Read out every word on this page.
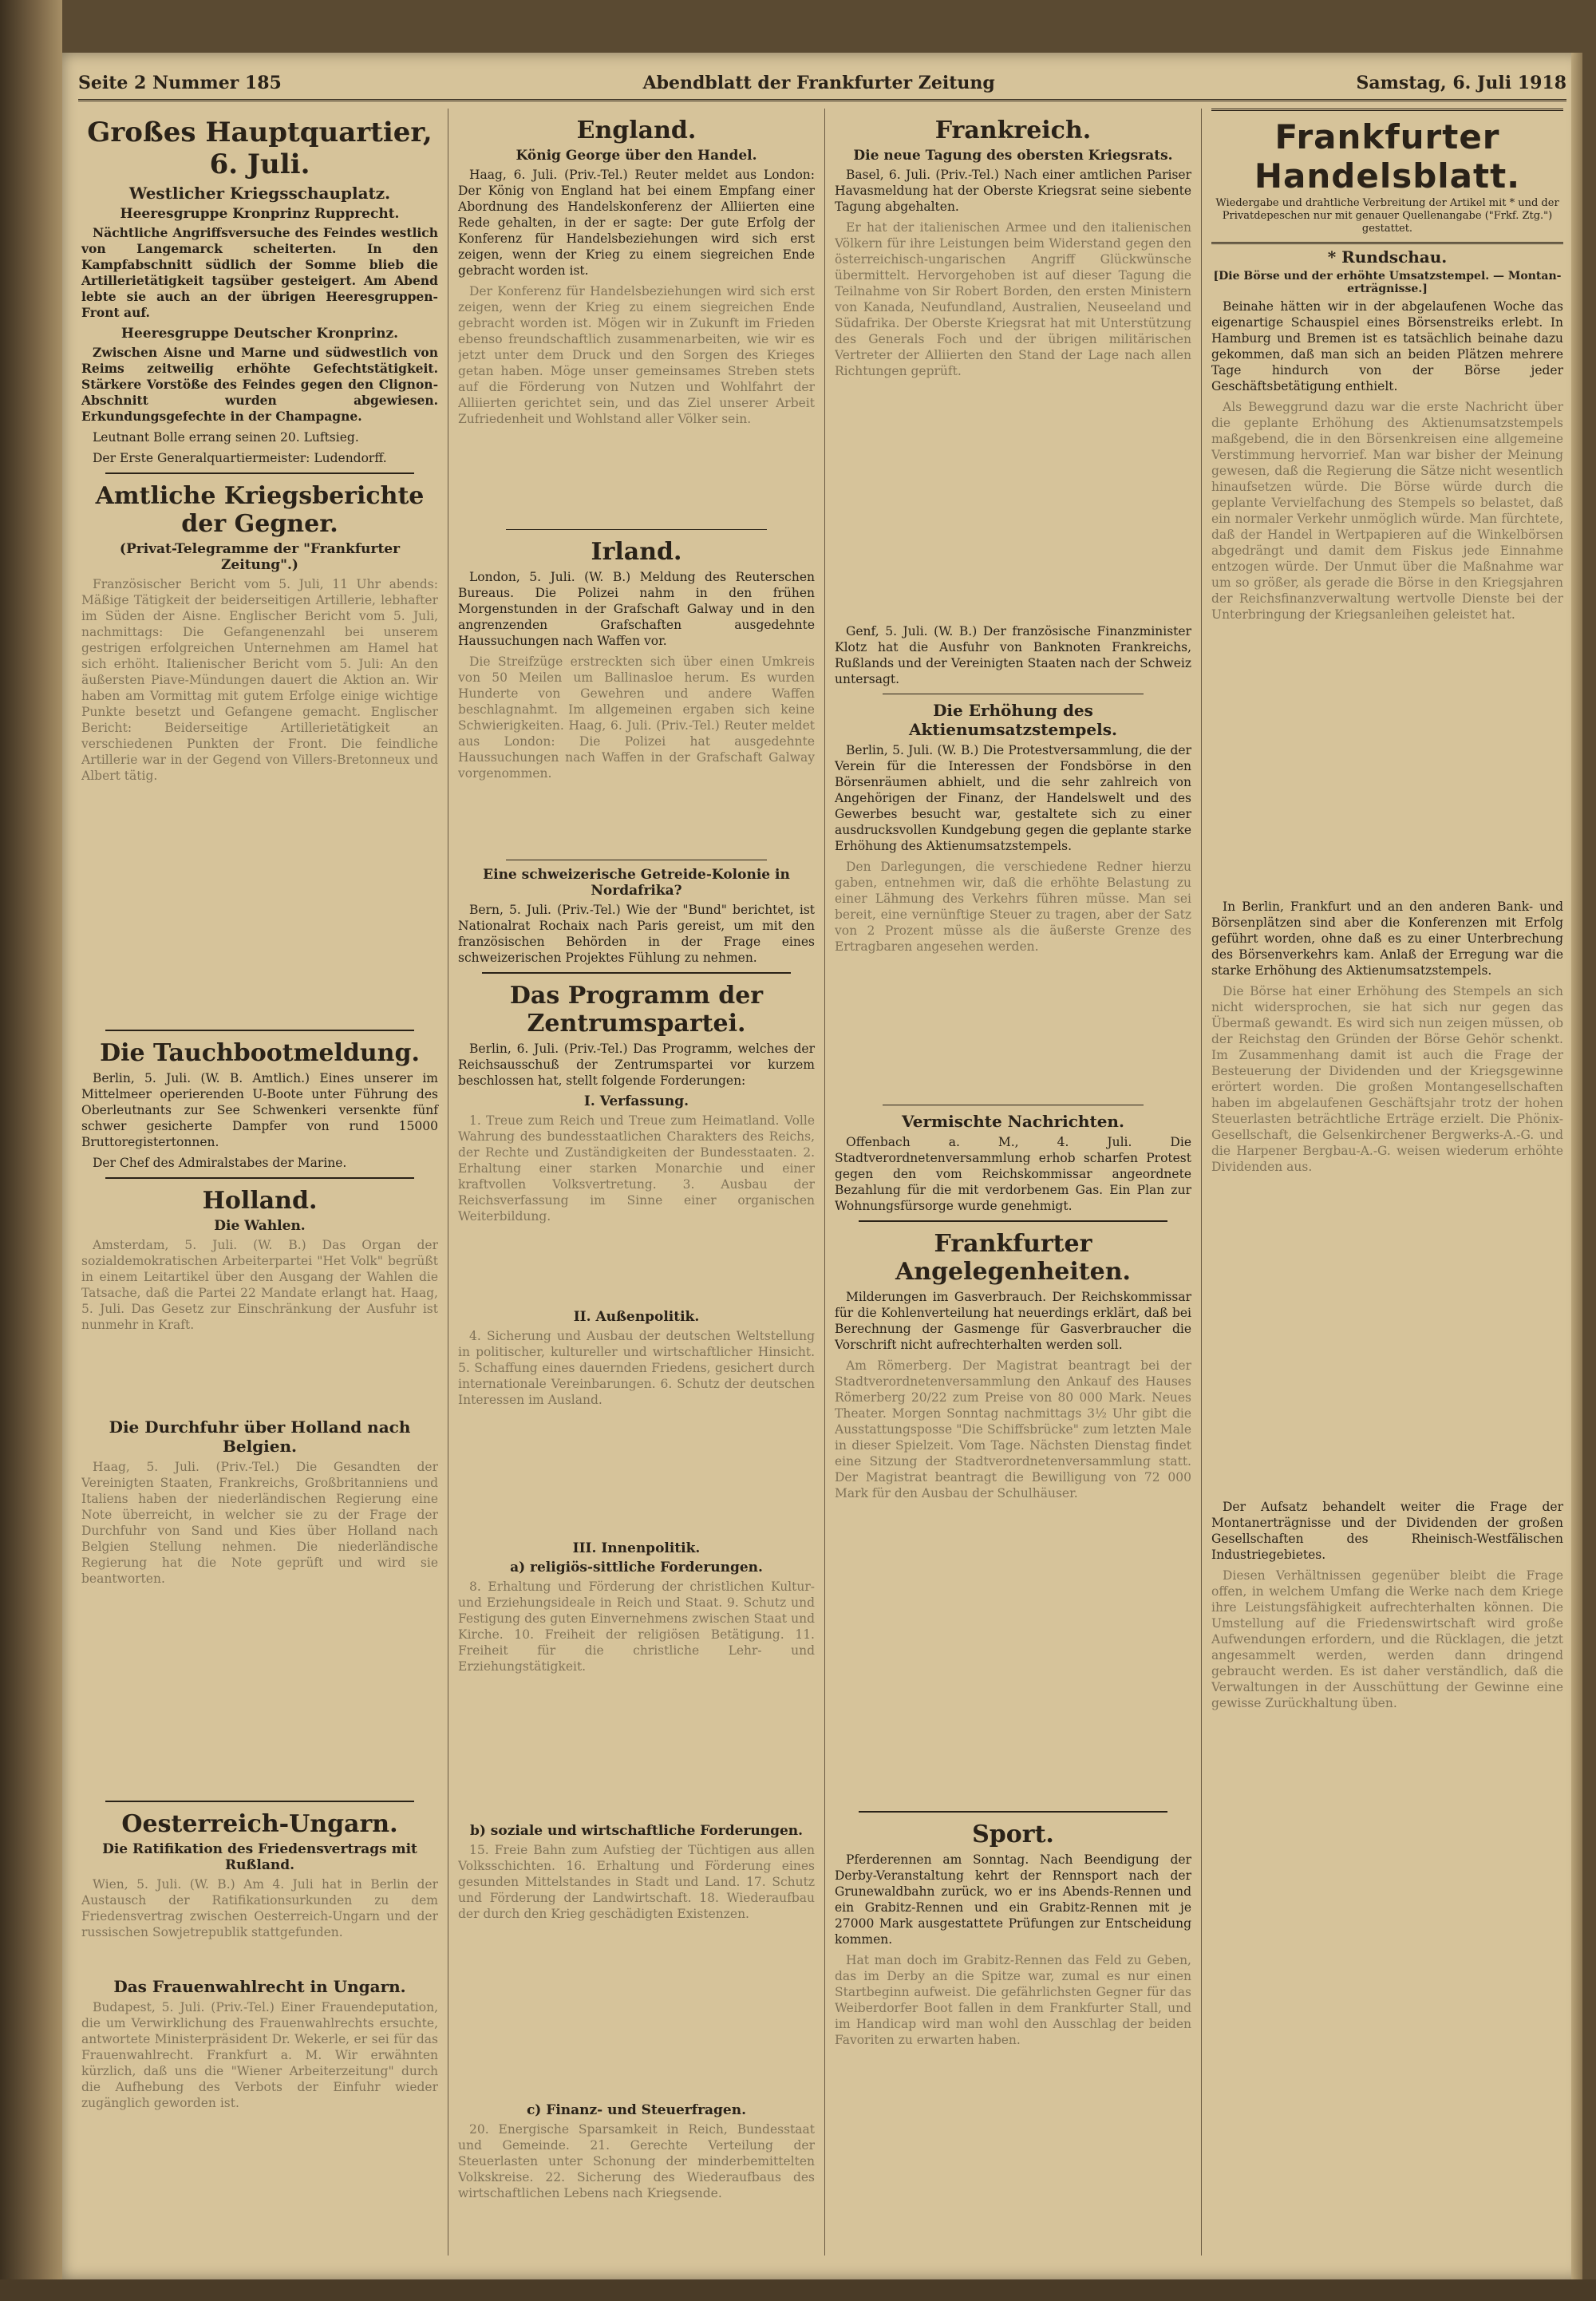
Seite 2 Nummer 185	Abendblatt der Frankfurter Zeitung	Samstag, 6. Juli 1918
Großes Hauptquartier, 6. Juli.
Westlicher Kriegsschauplatz.
Heeresgruppe Kronprinz Rupprecht.

Nächtliche Angriffsversuche des Feindes westlich von Langemarck scheiterten. In den Kampfabschnitt südlich der Somme blieb die Artillerietätigkeit tagsüber gesteigert. Am Abend lebte sie auch an der übrigen Heeresgruppen-Front auf.

Heeresgruppe Deutscher Kronprinz.

Zwischen Aisne und Marne und südwestlich von Reims zeitweilig erhöhte Gefechtstätigkeit. Stärkere Vorstöße des Feindes gegen den Clignon-Abschnitt wurden abgewiesen. Erkundungsgefechte in der Champagne.

Leutnant Bolle errang seinen 20. Luftsieg.

Der Erste Generalquartiermeister: Ludendorff.

Amtliche Kriegsberichte der Gegner.
(Privat-Telegramme der "Frankfurter Zeitung".)
Französischer Bericht vom 5. Juli, 11 Uhr abends: Mäßige Tätigkeit der beiderseitigen Artillerie, lebhafter im Süden der Aisne. Englischer Bericht vom 5. Juli, nachmittags: Die Gefangenenzahl bei unserem gestrigen erfolgreichen Unternehmen am Hamel hat sich erhöht. Italienischer Bericht vom 5. Juli: An den äußersten Piave-Mündungen dauert die Aktion an. Wir haben am Vormittag mit gutem Erfolge einige wichtige Punkte besetzt und Gefangene gemacht. Englischer Bericht: Beiderseitige Artillerietätigkeit an verschiedenen Punkten der Front. Die feindliche Artillerie war in der Gegend von Villers-Bretonneux und Albert tätig.
Die Tauchbootmeldung.

Berlin, 5. Juli. (W. B. Amtlich.) Eines unserer im Mittelmeer operierenden U-Boote unter Führung des Oberleutnants zur See Schwenkeri versenkte fünf schwer gesicherte Dampfer von rund 15000 Bruttoregistertonnen.

Der Chef des Admiralstabes der Marine.

Holland.
Die Wahlen.
Amsterdam, 5. Juli. (W. B.) Das Organ der sozialdemokratischen Arbeiterpartei "Het Volk" begrüßt in einem Leitartikel über den Ausgang der Wahlen die Tatsache, daß die Partei 22 Mandate erlangt hat. Haag, 5. Juli. Das Gesetz zur Einschränkung der Ausfuhr ist nunmehr in Kraft.
Die Durchfuhr über Holland nach Belgien.
Haag, 5. Juli. (Priv.-Tel.) Die Gesandten der Vereinigten Staaten, Frankreichs, Großbritanniens und Italiens haben der niederländischen Regierung eine Note überreicht, in welcher sie zu der Frage der Durchfuhr von Sand und Kies über Holland nach Belgien Stellung nehmen. Die niederländische Regierung hat die Note geprüft und wird sie beantworten.
Oesterreich-Ungarn.
Die Ratifikation des Friedensvertrags mit Rußland.
Wien, 5. Juli. (W. B.) Am 4. Juli hat in Berlin der Austausch der Ratifikationsurkunden zu dem Friedensvertrag zwischen Oesterreich-Ungarn und der russischen Sowjetrepublik stattgefunden.
Das Frauenwahlrecht in Ungarn.
Budapest, 5. Juli. (Priv.-Tel.) Einer Frauendeputation, die um Verwirklichung des Frauenwahlrechts ersuchte, antwortete Ministerpräsident Dr. Wekerle, er sei für das Frauenwahlrecht. Frankfurt a. M. Wir erwähnten kürzlich, daß uns die "Wiener Arbeiterzeitung" durch die Aufhebung des Verbots der Einfuhr wieder zugänglich geworden ist.
England.
König George über den Handel.

Haag, 6. Juli. (Priv.-Tel.) Reuter meldet aus London: Der König von England hat bei einem Empfang einer Abordnung des Handelskonferenz der Alliierten eine Rede gehalten, in der er sagte: Der gute Erfolg der Konferenz für Handelsbeziehungen wird sich erst zeigen, wenn der Krieg zu einem siegreichen Ende gebracht worden ist.

Der Konferenz für Handelsbeziehungen wird sich erst zeigen, wenn der Krieg zu einem siegreichen Ende gebracht worden ist. Mögen wir in Zukunft im Frieden ebenso freundschaftlich zusammenarbeiten, wie wir es jetzt unter dem Druck und den Sorgen des Krieges getan haben. Möge unser gemeinsames Streben stets auf die Förderung von Nutzen und Wohlfahrt der Alliierten gerichtet sein, und das Ziel unserer Arbeit Zufriedenheit und Wohlstand aller Völker sein.
Irland.

London, 5. Juli. (W. B.) Meldung des Reuterschen Bureaus. Die Polizei nahm in den frühen Morgenstunden in der Grafschaft Galway und in den angrenzenden Grafschaften ausgedehnte Haussuchungen nach Waffen vor.

Die Streifzüge erstreckten sich über einen Umkreis von 50 Meilen um Ballinasloe herum. Es wurden Hunderte von Gewehren und andere Waffen beschlagnahmt. Im allgemeinen ergaben sich keine Schwierigkeiten. Haag, 6. Juli. (Priv.-Tel.) Reuter meldet aus London: Die Polizei hat ausgedehnte Haussuchungen nach Waffen in der Grafschaft Galway vorgenommen.
Eine schweizerische Getreide-Kolonie in Nordafrika?

Bern, 5. Juli. (Priv.-Tel.) Wie der "Bund" berichtet, ist Nationalrat Rochaix nach Paris gereist, um mit den französischen Behörden in der Frage eines schweizerischen Projektes Fühlung zu nehmen.

Das Programm der Zentrumspartei.

Berlin, 6. Juli. (Priv.-Tel.) Das Programm, welches der Reichsausschuß der Zentrumspartei vor kurzem beschlossen hat, stellt folgende Forderungen:

I. Verfassung.
1. Treue zum Reich und Treue zum Heimatland. Volle Wahrung des bundesstaatlichen Charakters des Reichs, der Rechte und Zuständigkeiten der Bundesstaaten. 2. Erhaltung einer starken Monarchie und einer kraftvollen Volksvertretung. 3. Ausbau der Reichsverfassung im Sinne einer organischen Weiterbildung.
II. Außenpolitik.
4. Sicherung und Ausbau der deutschen Weltstellung in politischer, kultureller und wirtschaftlicher Hinsicht. 5. Schaffung eines dauernden Friedens, gesichert durch internationale Vereinbarungen. 6. Schutz der deutschen Interessen im Ausland.
III. Innenpolitik.
a) religiös-sittliche Forderungen.
8. Erhaltung und Förderung der christlichen Kultur- und Erziehungsideale in Reich und Staat. 9. Schutz und Festigung des guten Einvernehmens zwischen Staat und Kirche. 10. Freiheit der religiösen Betätigung. 11. Freiheit für die christliche Lehr- und Erziehungstätigkeit.
b) soziale und wirtschaftliche Forderungen.
15. Freie Bahn zum Aufstieg der Tüchtigen aus allen Volksschichten. 16. Erhaltung und Förderung eines gesunden Mittelstandes in Stadt und Land. 17. Schutz und Förderung der Landwirtschaft. 18. Wiederaufbau der durch den Krieg geschädigten Existenzen.
c) Finanz- und Steuerfragen.
20. Energische Sparsamkeit in Reich, Bundesstaat und Gemeinde. 21. Gerechte Verteilung der Steuerlasten unter Schonung der minderbemittelten Volkskreise. 22. Sicherung des Wiederaufbaus des wirtschaftlichen Lebens nach Kriegsende.
Frankreich.
Die neue Tagung des obersten Kriegsrats.

Basel, 6. Juli. (Priv.-Tel.) Nach einer amtlichen Pariser Havasmeldung hat der Oberste Kriegsrat seine siebente Tagung abgehalten.

Er hat der italienischen Armee und den italienischen Völkern für ihre Leistungen beim Widerstand gegen den österreichisch-ungarischen Angriff Glückwünsche übermittelt. Hervorgehoben ist auf dieser Tagung die Teilnahme von Sir Robert Borden, den ersten Ministern von Kanada, Neufundland, Australien, Neuseeland und Südafrika. Der Oberste Kriegsrat hat mit Unterstützung des Generals Foch und der übrigen militärischen Vertreter der Alliierten den Stand der Lage nach allen Richtungen geprüft.

Genf, 5. Juli. (W. B.) Der französische Finanzminister Klotz hat die Ausfuhr von Banknoten Frankreichs, Rußlands und der Vereinigten Staaten nach der Schweiz untersagt.

Die Erhöhung des Aktienumsatzstempels.

Berlin, 5. Juli. (W. B.) Die Protestversammlung, die der Verein für die Interessen der Fondsbörse in den Börsenräumen abhielt, und die sehr zahlreich von Angehörigen der Finanz, der Handelswelt und des Gewerbes besucht war, gestaltete sich zu einer ausdrucksvollen Kundgebung gegen die geplante starke Erhöhung des Aktienumsatzstempels.

Den Darlegungen, die verschiedene Redner hierzu gaben, entnehmen wir, daß die erhöhte Belastung zu einer Lähmung des Verkehrs führen müsse. Man sei bereit, eine vernünftige Steuer zu tragen, aber der Satz von 2 Prozent müsse als die äußerste Grenze des Ertragbaren angesehen werden.
Vermischte Nachrichten.

Offenbach a. M., 4. Juli. Die Stadtverordnetenversammlung erhob scharfen Protest gegen den vom Reichskommissar angeordnete Bezahlung für die mit verdorbenem Gas. Ein Plan zur Wohnungsfürsorge wurde genehmigt.

Frankfurter Angelegenheiten.

Milderungen im Gasverbrauch. Der Reichskommissar für die Kohlenverteilung hat neuerdings erklärt, daß bei Berechnung der Gasmenge für Gasverbraucher die Vorschrift nicht aufrechterhalten werden soll.

Am Römerberg. Der Magistrat beantragt bei der Stadtverordnetenversammlung den Ankauf des Hauses Römerberg 20/22 zum Preise von 80 000 Mark. Neues Theater. Morgen Sonntag nachmittags 3½ Uhr gibt die Ausstattungsposse "Die Schiffsbrücke" zum letzten Male in dieser Spielzeit. Vom Tage. Nächsten Dienstag findet eine Sitzung der Stadtverordnetenversammlung statt. Der Magistrat beantragt die Bewilligung von 72 000 Mark für den Ausbau der Schulhäuser.
Sport.

Pferderennen am Sonntag. Nach Beendigung der Derby-Veranstaltung kehrt der Rennsport nach der Grunewaldbahn zurück, wo er ins Abends-Rennen und ein Grabitz-Rennen und ein Grabitz-Rennen mit je 27000 Mark ausgestattete Prüfungen zur Entscheidung kommen.

Hat man doch im Grabitz-Rennen das Feld zu Geben, das im Derby an die Spitze war, zumal es nur einen Startbeginn aufweist. Die gefährlichsten Gegner für das Weiberdorfer Boot fallen in dem Frankfurter Stall, und im Handicap wird man wohl den Ausschlag der beiden Favoriten zu erwarten haben.
Frankfurter Handelsblatt.
Wiedergabe und drahtliche Verbreitung der Artikel mit * und der Privatdepeschen nur mit genauer Quellenangabe ("Frkf. Ztg.") gestattet.
* Rundschau.
[Die Börse und der erhöhte Umsatzstempel. — Montan-erträgnisse.]

Beinahe hätten wir in der abgelaufenen Woche das eigenartige Schauspiel eines Börsenstreiks erlebt. In Hamburg und Bremen ist es tatsächlich beinahe dazu gekommen, daß man sich an beiden Plätzen mehrere Tage hindurch von der Börse jeder Geschäftsbetätigung enthielt.

Als Beweggrund dazu war die erste Nachricht über die geplante Erhöhung des Aktienumsatzstempels maßgebend, die in den Börsenkreisen eine allgemeine Verstimmung hervorrief. Man war bisher der Meinung gewesen, daß die Regierung die Sätze nicht wesentlich hinaufsetzen würde. Die Börse würde durch die geplante Vervielfachung des Stempels so belastet, daß ein normaler Verkehr unmöglich würde. Man fürchtete, daß der Handel in Wertpapieren auf die Winkelbörsen abgedrängt und damit dem Fiskus jede Einnahme entzogen würde. Der Unmut über die Maßnahme war um so größer, als gerade die Börse in den Kriegsjahren der Reichsfinanzverwaltung wertvolle Dienste bei der Unterbringung der Kriegsanleihen geleistet hat.

In Berlin, Frankfurt und an den anderen Bank- und Börsenplätzen sind aber die Konferenzen mit Erfolg geführt worden, ohne daß es zu einer Unterbrechung des Börsenverkehrs kam. Anlaß der Erregung war die starke Erhöhung des Aktienumsatzstempels.

Die Börse hat einer Erhöhung des Stempels an sich nicht widersprochen, sie hat sich nur gegen das Übermaß gewandt. Es wird sich nun zeigen müssen, ob der Reichstag den Gründen der Börse Gehör schenkt. Im Zusammenhang damit ist auch die Frage der Besteuerung der Dividenden und der Kriegsgewinne erörtert worden. Die großen Montangesellschaften haben im abgelaufenen Geschäftsjahr trotz der hohen Steuerlasten beträchtliche Erträge erzielt. Die Phönix-Gesellschaft, die Gelsenkirchener Bergwerks-A.-G. und die Harpener Bergbau-A.-G. weisen wiederum erhöhte Dividenden aus.

Der Aufsatz behandelt weiter die Frage der Montanerträgnisse und der Dividenden der großen Gesellschaften des Rheinisch-Westfälischen Industriegebietes.

Diesen Verhältnissen gegenüber bleibt die Frage offen, in welchem Umfang die Werke nach dem Kriege ihre Leistungsfähigkeit aufrechterhalten können. Die Umstellung auf die Friedenswirtschaft wird große Aufwendungen erfordern, und die Rücklagen, die jetzt angesammelt werden, werden dann dringend gebraucht werden. Es ist daher verständlich, daß die Verwaltungen in der Ausschüttung der Gewinne eine gewisse Zurückhaltung üben.
